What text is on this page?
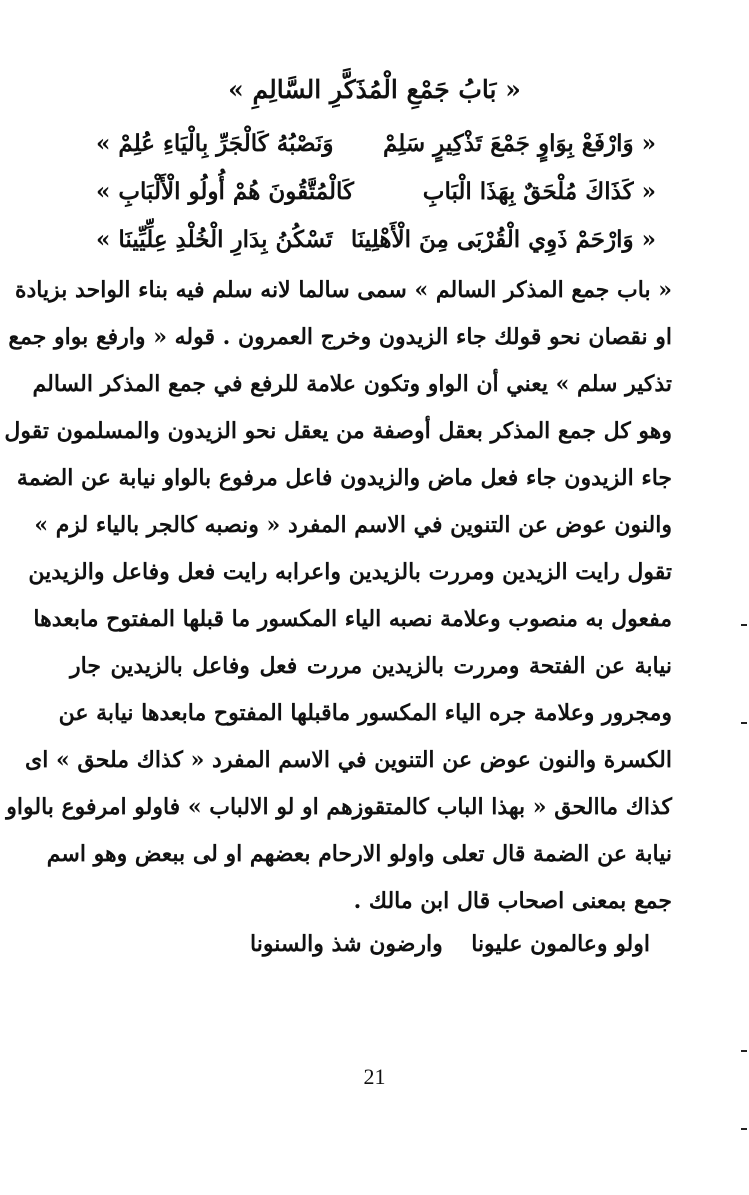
« بَابُ جَمْعِ الْمُذَكَّرِ السَّالِمِ »
« وَارْفَعْ بِوَاوٍ جَمْعَ تَذْكِيرٍ سَلِمْ
وَنَصْبُهُ كَالْجَرِّ بِالْيَاءِ عُلِمْ »
« كَذَاكَ مُلْحَقٌ بِهَذَا الْبَابِ
كَالْمُتَّقُونَ هُمْ أُولُو الْأَلْبَابِ »
« وَارْحَمْ ذَوِي الْقُرْبَى مِنَ الْأَهْلِينَا
تَسْكُنُ بِدَارِ الْخُلْدِ عِلِّيِّينَا »
« باب جمع المذكر السالم » سمى سالما لانه سلم فيه بناء الواحد بزيادة
او نقصان نحو قولك جاء الزيدون وخرج العمرون . قوله « وارفع بواو جمع
تذكير سلم » يعني أن الواو وتكون علامة للرفع في جمع المذكر السالم
وهو كل جمع المذكر بعقل أوصفة من يعقل نحو الزيدون والمسلمون تقول
جاء الزيدون جاء فعل ماض والزيدون فاعل مرفوع بالواو نيابة عن الضمة
والنون عوض عن التنوين في الاسم المفرد « ونصبه كالجر بالياء لزم »
تقول رايت الزيدين ومررت بالزيدين واعرابه رايت فعل وفاعل والزيدين
مفعول به منصوب وعلامة نصبه الياء المكسور ما قبلها المفتوح مابعدها
نيابة عن الفتحة ومررت بالزيدين مررت فعل وفاعل بالزيدين جار
ومجرور وعلامة جره الياء المكسور ماقبلها المفتوح مابعدها نيابة عن
الكسرة والنون عوض عن التنوين في الاسم المفرد « كذاك ملحق » اى
كذاك ماالحق « بهذا الباب كالمتقوزهم او لو الالباب » فاولو امرفوع بالواو
نيابة عن الضمة قال تعلى واولو الارحام بعضهم او لى ببعض وهو اسم
جمع بمعنى اصحاب قال ابن مالك .
اولو وعالمون عليونا
وارضون شذ والسنونا
21
